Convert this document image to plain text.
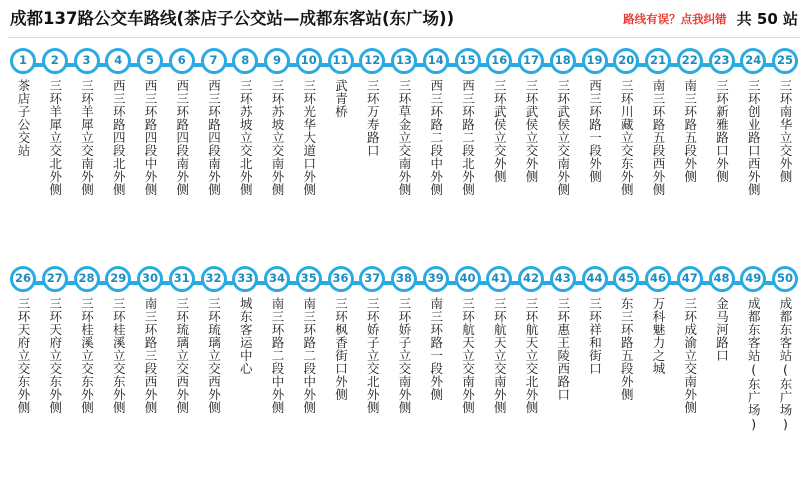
成都137路公交车路线(茶店子公交站—成都东客站(东广场))	路线有误？点我纠错 共 50 站
1
茶店子公交站
2
三环羊犀立交北外侧
3
三环羊犀立交南外侧
4
西三环路四段北外侧
5
西三环路四段中外侧
6
西三环路四段南外侧
7
西三环路四段南外侧
8
三环苏坡立交北外侧
9
三环苏坡立交南外侧
10
三环光华大道口外侧
11
武青桥
12
三环万寿路口
13
三环草金立交南外侧
14
西三环路二段中外侧
15
西三环路二段北外侧
16
三环武侯立交外侧
17
三环武侯立交外侧
18
三环武侯立交南外侧
19
西三环路一段外侧
20
三环川藏立交东外侧
21
南三环路五段西外侧
22
南三环路五段外侧
23
三环新雅路口外侧
24
三环创业路口西外侧
25
三环南华立交外侧
26
三环天府立交东外侧
27
三环天府立交东外侧
28
三环桂溪立交东外侧
29
三环桂溪立交东外侧
30
南三环路三段西外侧
31
三环琉璃立交西外侧
32
三环琉璃立交西外侧
33
城东客运中心
34
南三环路二段中外侧
35
南三环路二段中外侧
36
三环枫香街口外侧
37
三环娇子立交北外侧
38
三环娇子立交南外侧
39
南三环路一段外侧
40
三环航天立交南外侧
41
三环航天立交南外侧
42
三环航天立交北外侧
43
三环惠王陵西路口
44
三环祥和街口
45
东三环路五段外侧
46
万科魅力之城
47
三环成渝立交南外侧
48
金马河路口
49
成都东客站(东广场)
50
成都东客站(东广场)
